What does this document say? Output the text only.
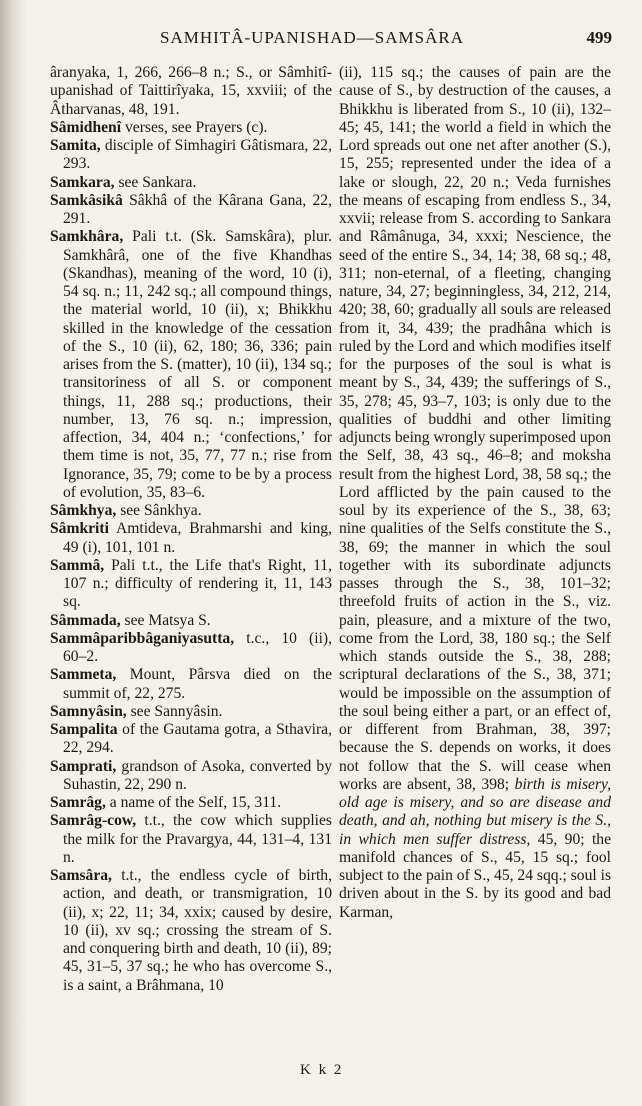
SAMHITÂ-UPANISHAD—SAMSÂRA	499

âranyaka, 1, 266, 266–8 n.; S., or Sâmhitî-upanishad of Taittirîyaka, 15, xxviii; of the Âtharvanas, 48, 191.

Sâmidhenî verses, see Prayers (c).

Samita, disciple of Simhagiri Gâtismara, 22, 293.

Samkara, see Sankara.

Samkâsikâ Sâkhâ of the Kârana Gana, 22, 291.

Samkhâra, Pali t.t. (Sk. Samskâra), plur. Samkhârâ, one of the five Khandhas (Skandhas), meaning of the word, 10 (i), 54 sq. n.; 11, 242 sq.; all compound things, the material world, 10 (ii), x; Bhikkhu skilled in the knowledge of the cessation of the S., 10 (ii), 62, 180; 36, 336; pain arises from the S. (matter), 10 (ii), 134 sq.; transitoriness of all S. or component things, 11, 288 sq.; productions, their number, 13, 76 sq. n.; impression, affection, 34, 404 n.; ‘confections,’ for them time is not, 35, 77, 77 n.; rise from Ignorance, 35, 79; come to be by a process of evolution, 35, 83–6.

Sâmkhya, see Sânkhya.

Sâmkriti Amtideva, Brahmarshi and king, 49 (i), 101, 101 n.

Sammâ, Pali t.t., the Life that's Right, 11, 107 n.; difficulty of rendering it, 11, 143 sq.

Sâmmada, see Matsya S.

Sammâparibbâganiyasutta, t.c., 10 (ii), 60–2.

Sammeta, Mount, Pârsva died on the summit of, 22, 275.

Samnyâsin, see Sannyâsin.

Sampalita of the Gautama gotra, a Sthavira, 22, 294.

Samprati, grandson of Asoka, converted by Suhastin, 22, 290 n.

Samrâg, a name of the Self, 15, 311.

Samrâg-cow, t.t., the cow which supplies the milk for the Pravargya, 44, 131–4, 131 n.

Samsâra, t.t., the endless cycle of birth, action, and death, or transmigration, 10 (ii), x; 22, 11; 34, xxix; caused by desire, 10 (ii), xv sq.; crossing the stream of S. and conquering birth and death, 10 (ii), 89; 45, 31–5, 37 sq.; he who has overcome S., is a saint, a Brâhmana, 10

(ii), 115 sq.; the causes of pain are the cause of S., by destruction of the causes, a Bhikkhu is liberated from S., 10 (ii), 132–45; 45, 141; the world a field in which the Lord spreads out one net after another (S.), 15, 255; represented under the idea of a lake or slough, 22, 20 n.; Veda furnishes the means of escaping from endless S., 34, xxvii; release from S. according to Sankara and Râmânuga, 34, xxxi; Nescience, the seed of the entire S., 34, 14; 38, 68 sq.; 48, 311; non-eternal, of a fleeting, changing nature, 34, 27; beginningless, 34, 212, 214, 420; 38, 60; gradually all souls are released from it, 34, 439; the pradhâna which is ruled by the Lord and which modifies itself for the purposes of the soul is what is meant by S., 34, 439; the sufferings of S., 35, 278; 45, 93–7, 103; is only due to the qualities of buddhi and other limiting adjuncts being wrongly superimposed upon the Self, 38, 43 sq., 46–8; and moksha result from the highest Lord, 38, 58 sq.; the Lord afflicted by the pain caused to the soul by its experience of the S., 38, 63; nine qualities of the Selfs constitute the S., 38, 69; the manner in which the soul together with its subordinate adjuncts passes through the S., 38, 101–32; threefold fruits of action in the S., viz. pain, pleasure, and a mixture of the two, come from the Lord, 38, 180 sq.; the Self which stands outside the S., 38, 288; scriptural declarations of the S., 38, 371; would be impossible on the assumption of the soul being either a part, or an effect of, or different from Brahman, 38, 397; because the S. depends on works, it does not follow that the S. will cease when works are absent, 38, 398; birth is misery, old age is misery, and so are disease and death, and ah, nothing but misery is the S., in which men suffer distress, 45, 90; the manifold chances of S., 45, 15 sq.; fool subject to the pain of S., 45, 24 sqq.; soul is driven about in the S. by its good and bad Karman,

K k 2
